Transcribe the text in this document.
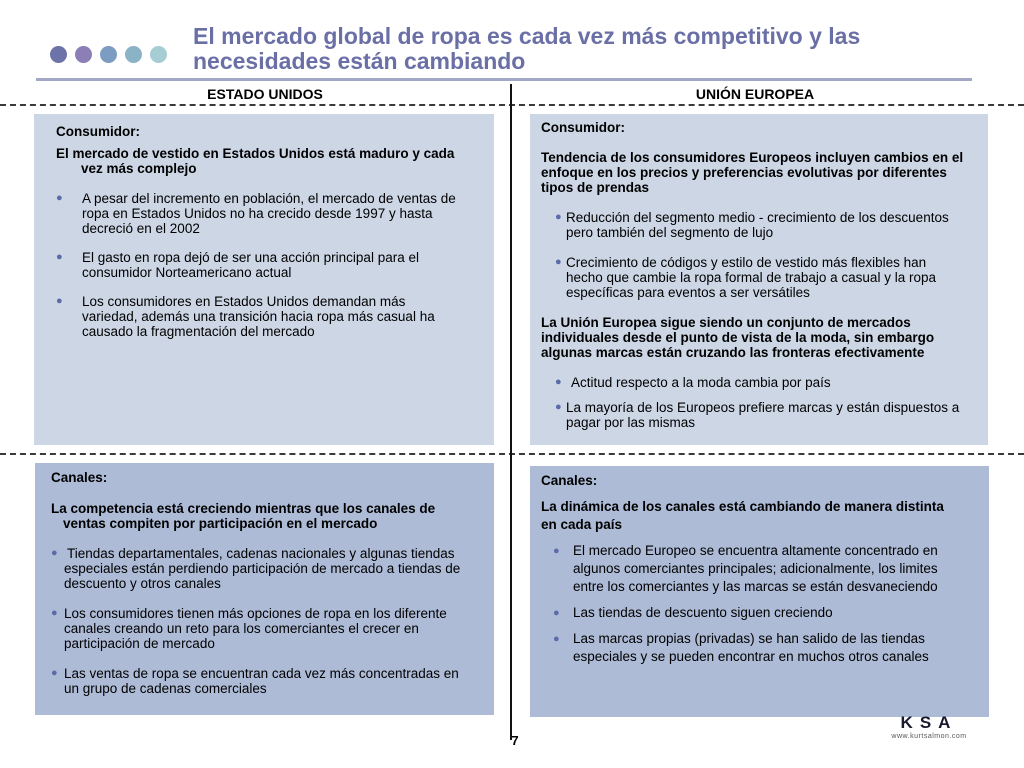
El mercado global de ropa es cada vez más competitivo y las
necesidades están cambiando
ESTADO UNIDOS	UNIÓN EUROPEA

Consumidor:

El mercado de vestido en Estados Unidos está maduro y cada vez más complejo

● A pesar del incremento en población, el mercado de ventas de ropa en Estados Unidos no ha crecido desde 1997 y hasta decreció en el 2002
● El gasto en ropa dejó de ser una acción principal para el consumidor Norteamericano actual
● Los consumidores en Estados Unidos demandan más variedad, además una transición hacia ropa más casual ha causado la fragmentación del mercado

Consumidor:

Tendencia de los consumidores Europeos incluyen cambios en el enfoque en los precios y preferencias evolutivas por diferentes tipos de prendas

● Reducción del segmento medio - crecimiento de los descuentos pero también del segmento de lujo
● Crecimiento de códigos y estilo de vestido más flexibles han hecho que cambie la ropa formal de trabajo a casual y la ropa específicas para eventos a ser versátiles

La Unión Europea sigue siendo un conjunto de mercados individuales desde el punto de vista de la moda, sin embargo algunas marcas están cruzando las fronteras efectivamente

● Actitud respecto a la moda cambia por país
● La mayoría de los Europeos prefiere marcas y están dispuestos a pagar por las mismas

Canales:

La competencia está creciendo mientras que los canales de ventas compiten por participación en el mercado

● Tiendas departamentales, cadenas nacionales y algunas tiendas especiales están perdiendo participación de mercado a tiendas de descuento y otros canales
● Los consumidores tienen más opciones de ropa en los diferente canales creando un reto para los comerciantes el crecer en participación de mercado
● Las ventas de ropa se encuentran cada vez más concentradas en un grupo de cadenas comerciales

Canales:

La dinámica de los canales está cambiando de manera distinta en cada país

● El mercado Europeo se encuentra altamente concentrado en algunos comerciantes principales; adicionalmente, los limites entre los comerciantes y las marcas se están desvaneciendo
● Las tiendas de descuento siguen creciendo
● Las marcas propias (privadas) se han salido de las tiendas especiales y se pueden encontrar en muchos otros canales
7
KSA
www.kurtsalmon.com
